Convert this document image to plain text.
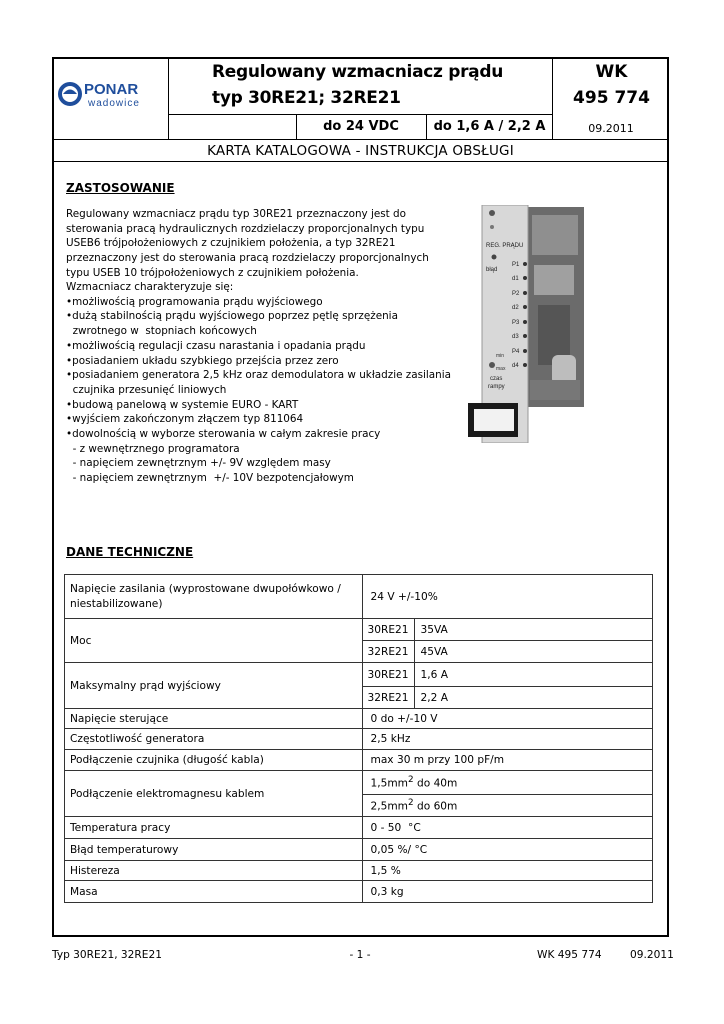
PONAR
wadowice
Regulowany wzmacniacz prądu
typ 30RE21; 32RE21
WK
495 774
do 24 VDC	do 1,6 A / 2,2 A	09.2011
KARTA KATALOGOWA - INSTRUKCJA OBSŁUGI
ZASTOSOWANIE
Regulowany wzmacniacz prądu typ 30RE21 przeznaczony jest do
sterowania pracą hydraulicznych rozdzielaczy proporcjonalnych typu
USEB6 trójpołożeniowych z czujnikiem położenia, a typ 32RE21
przeznaczony jest do sterowania pracą rozdzielaczy proporcjonalnych
typu USEB 10 trójpołożeniowych z czujnikiem położenia.
Wzmacniacz charakteryzuje się:
•możliwością programowania prądu wyjściowego
•dużą stabilnością prądu wyjściowego poprzez pętlę sprzężenia
zwrotnego w  stopniach końcowych
•możliwością regulacji czasu narastania i opadania prądu
•posiadaniem układu szybkiego przejścia przez zero
•posiadaniem generatora 2,5 kHz oraz demodulatora w układzie zasilania
czujnika przesunięć liniowych
•budową panelową w systemie EURO - KART
•wyjściem zakończonym złączem typ 811064
•dowolnością w wyborze sterowania w całym zakresie pracy
- z wewnętrznego programatora
- napięciem zewnętrznym +/- 9V względem masy
- napięciem zewnętrznym  +/- 10V bezpotencjałowym
REG. PRĄDU
błąd
P1
d1
P2
d2
P3
d3
P4
d4
min
max
czas
rampy
DANE TECHNICZNE
Napięcie zasilania (wyprostowane dwupołówkowo /
niestabilizowane)	24 V +/-10%	
Moc	30RE21	35VA
	32RE21	45VA
Maksymalny prąd wyjściowy	30RE21	1,6 A
	32RE21	2,2 A
Napięcie sterujące	0 do +/-10 V	
Częstotliwość generatora	2,5 kHz	
Podłączenie czujnika (długość kabla)	max 30 m przy 100 pF/m	
Podłączenie elektromagnesu kablem	$1,5mm^2$ do 40m	
	$2,5mm^2$ do 60m	
Temperatura pracy	0 - 50  °C	
Błąd temperaturowy	0,05 %/ °C	
Histereza	1,5 %	
Masa	0,3 kg	
Typ 30RE21, 32RE21	- 1 -	WK 495 774	09.2011
